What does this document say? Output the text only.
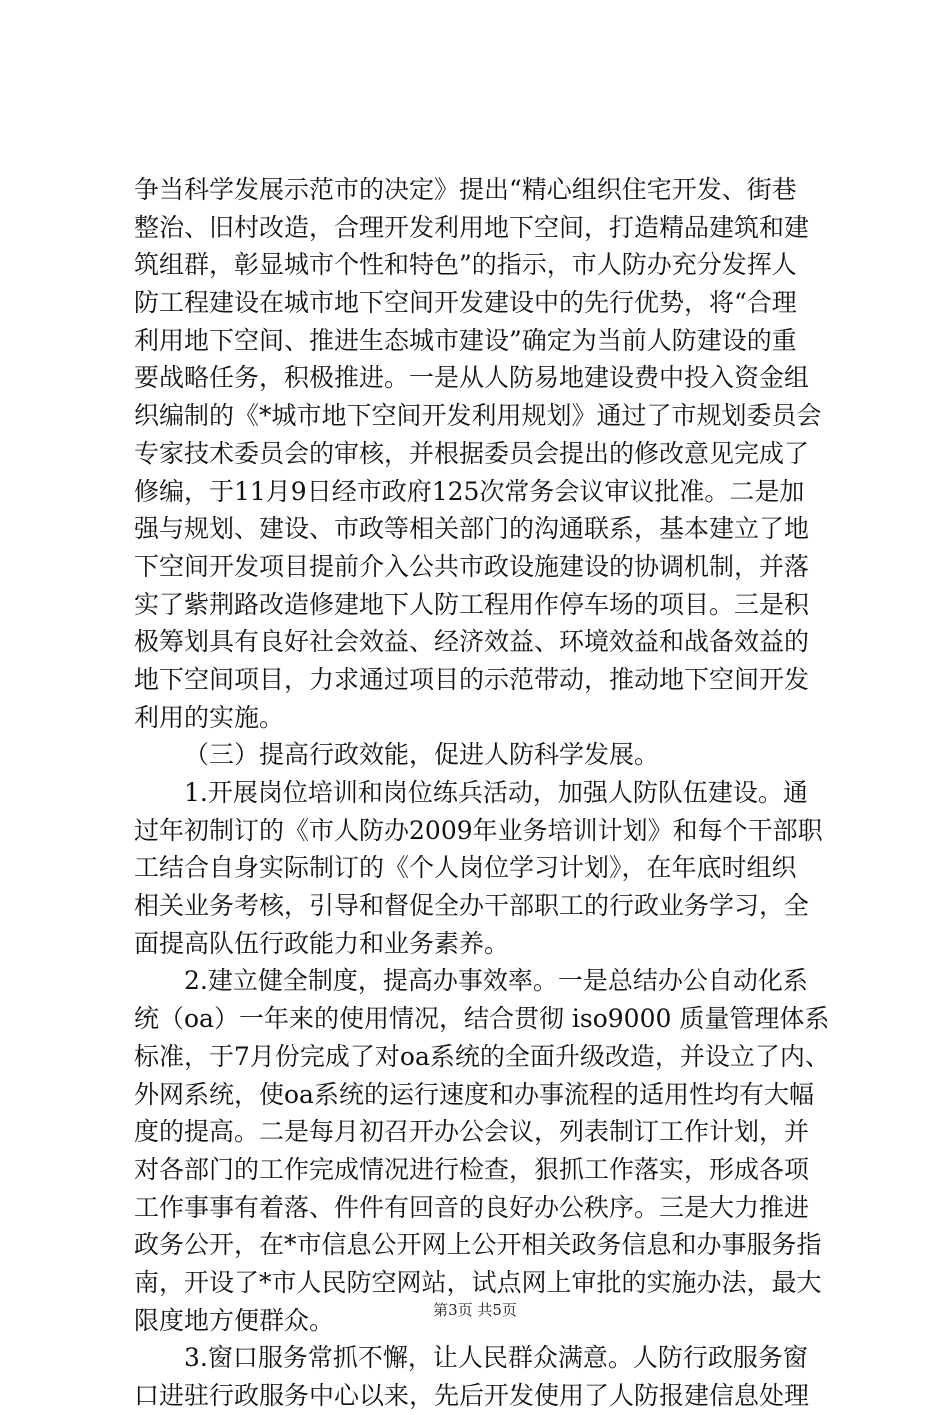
争当科学发展示范市的决定》提出“精心组织住宅开发、街巷
整治、旧村改造，合理开发利用地下空间，打造精品建筑和建
筑组群，彰显城市个性和特色”的指示，市人防办充分发挥人
防工程建设在城市地下空间开发建设中的先行优势，将“合理
利用地下空间、推进生态城市建设”确定为当前人防建设的重
要战略任务，积极推进。一是从人防易地建设费中投入资金组
织编制的《*城市地下空间开发利用规划》通过了市规划委员会
专家技术委员会的审核，并根据委员会提出的修改意见完成了
修编，于11月9日经市政府125次常务会议审议批准。二是加
强与规划、建设、市政等相关部门的沟通联系，基本建立了地
下空间开发项目提前介入公共市政设施建设的协调机制，并落
实了紫荆路改造修建地下人防工程用作停车场的项目。三是积
极筹划具有良好社会效益、经济效益、环境效益和战备效益的
地下空间项目，力求通过项目的示范带动，推动地下空间开发
利用的实施。
（三）提高行政效能，促进人防科学发展。
1.开展岗位培训和岗位练兵活动，加强人防队伍建设。通
过年初制订的《市人防办2009年业务培训计划》和每个干部职
工结合自身实际制订的《个人岗位学习计划》，在年底时组织
相关业务考核，引导和督促全办干部职工的行政业务学习，全
面提高队伍行政能力和业务素养。
2.建立健全制度，提高办事效率。一是总结办公自动化系
统（oa）一年来的使用情况，结合贯彻 iso9000 质量管理体系
标准，于7月份完成了对oa系统的全面升级改造，并设立了内、
外网系统，使oa系统的运行速度和办事流程的适用性均有大幅
度的提高。二是每月初召开办公会议，列表制订工作计划，并
对各部门的工作完成情况进行检查，狠抓工作落实，形成各项
工作事事有着落、件件有回音的良好办公秩序。三是大力推进
政务公开，在*市信息公开网上公开相关政务信息和办事服务指
南，开设了*市人民防空网站，试点网上审批的实施办法，最大
限度地方便群众。
3.窗口服务常抓不懈，让人民群众满意。人防行政服务窗
口进驻行政服务中心以来，先后开发使用了人防报建信息处理
第3页 共5页
